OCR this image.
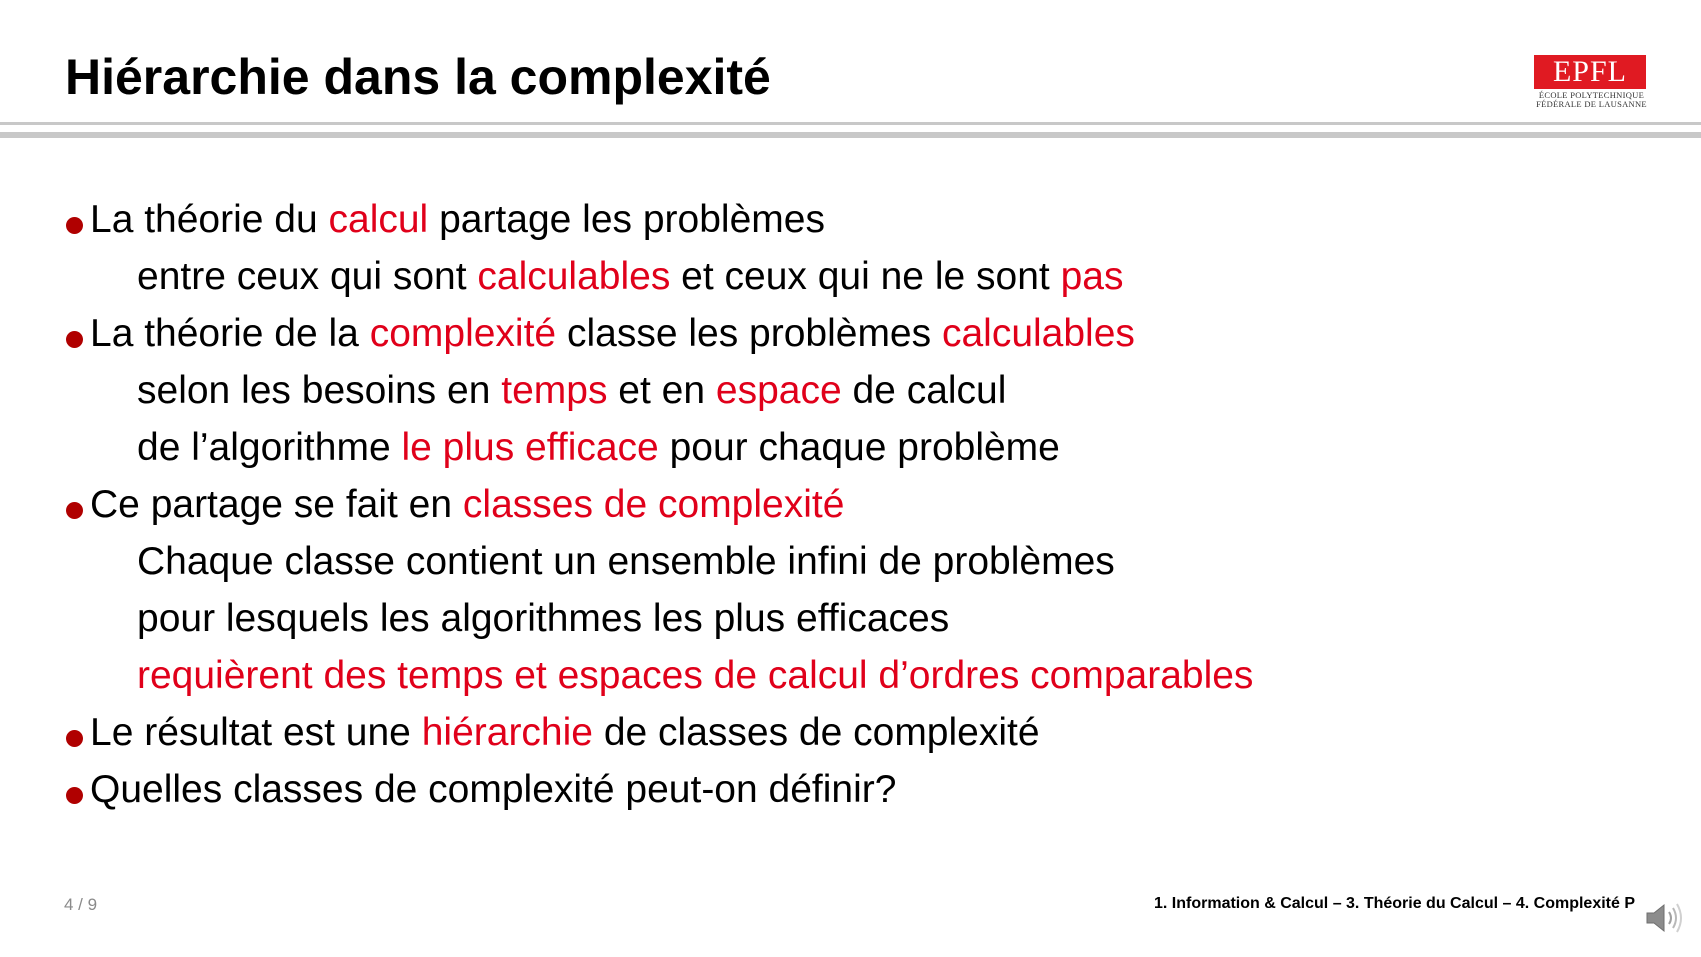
Hiérarchie dans la complexité	EPFL
ÉCOLE POLYTECHNIQUE
FÉDÉRALE DE LAUSANNE
La théorie du calcul partage les problèmes
entre ceux qui sont calculables et ceux qui ne le sont pas
La théorie de la complexité classe les problèmes calculables
selon les besoins en temps et en espace de calcul
de l’algorithme le plus efficace pour chaque problème
Ce partage se fait en classes de complexité
Chaque classe contient un ensemble infini de problèmes
pour lesquels les algorithmes les plus efficaces
requièrent des temps et espaces de calcul d’ordres comparables
Le résultat est une hiérarchie de classes de complexité
Quelles classes de complexité peut-on définir?
4 / 9	1. Information & Calcul – 3. Théorie du Calcul – 4. Complexité P
